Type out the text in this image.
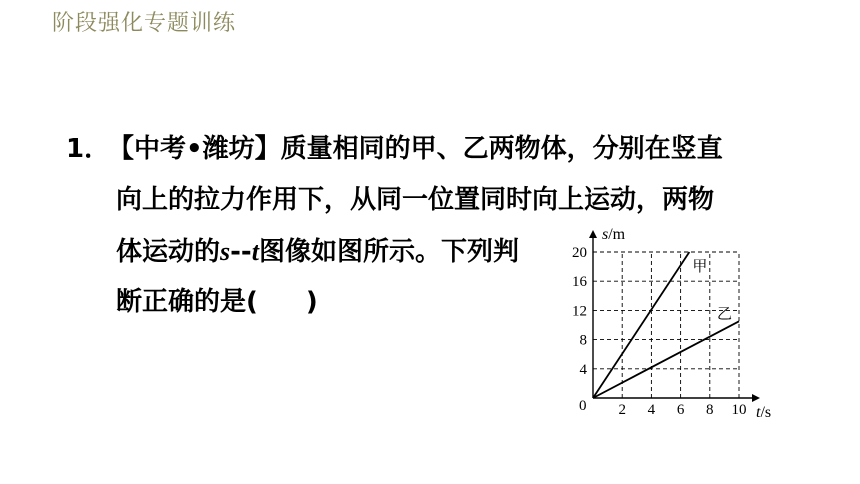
阶段强化专题训练
1．
【中考•潍坊】质量相同的甲、乙两物体，分别在竖直
向上的拉力作用下，从同一位置同时向上运动，两物
体运动的s--t图像如图所示。下列判
断正确的是( )
2 4 6 8 10
4
8
12
16
20
甲
乙
0
s/m
t/s
